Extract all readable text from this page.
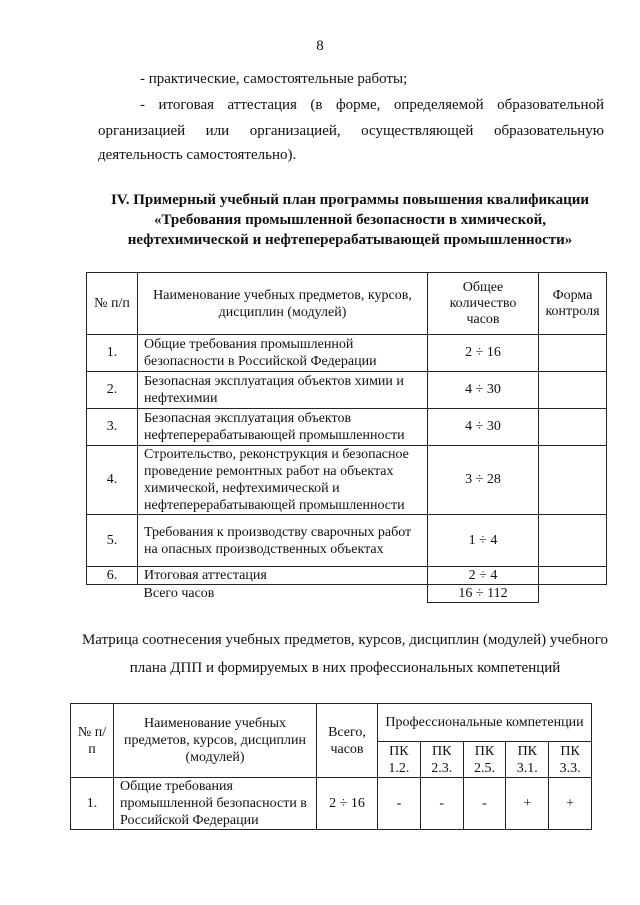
8
- практические, самостоятельные работы;
- итоговая аттестация (в форме, определяемой образовательной организацией или организацией, осуществляющей образовательную
деятельность самостоятельно).
IV. Примерный учебный план программы повышения квалификации «Требования промышленной безопасности в химической, нефтехимической и нефтеперерабатывающей промышленности»
№ п/п	Наименование учебных предметов, курсов, дисциплин (модулей)	Общее количество часов	Форма контроля
1.	Общие требования промышленной безопасности в Российской Федерации	2 ÷ 16	
2.	Безопасная эксплуатация объектов химии и нефтехимии	4 ÷ 30	
3.	Безопасная эксплуатация объектов нефтеперерабатывающей промышленности	4 ÷ 30	
4.	Строительство, реконструкция и безопасное проведение ремонтных работ на объектах химической, нефтехимической и нефтеперерабатывающей промышленности	3 ÷ 28	
5.	Требования к производству сварочных работ на опасных производственных объектах	1 ÷ 4	
6.	Итоговая аттестация	2 ÷ 4	
	Всего часов	16 ÷ 112	
Матрица соотнесения учебных предметов, курсов, дисциплин (модулей) учебного плана ДПП и формируемых в них профессиональных компетенций
№ п/п	Наименование учебных предметов, курсов, дисциплин (модулей)	Всего, часов	Профессиональные компетенции				
			ПК 1.2.	ПК 2.3.	ПК 2.5.	ПК 3.1.	ПК 3.3.
1.	Общие требования промышленной безопасности в Российской Федерации	2 ÷ 16	-	-	-	+	+
